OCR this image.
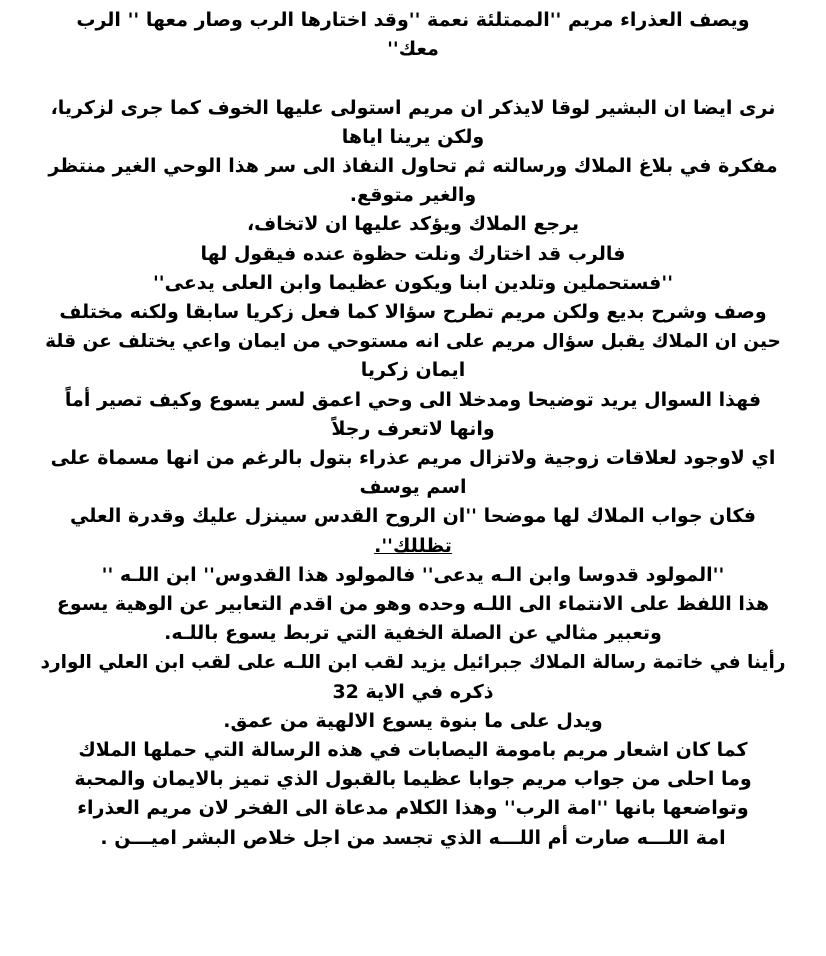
ويصف العذراء مريم ''الممتلئة نعمة ''وقد اختارها الرب وصار معها '' الرب
معك''
نرى ايضا ان البشير لوقا لايذكر ان مريم استولى عليها الخوف كما جرى لزكريا،
ولكن يرينا اياها
مفكرة في بلاغ الملاك ورسالته ثم تحاول النفاذ الى سر هذا الوحي الغير منتظر
والغير متوقع.
يرجع الملاك ويؤكد عليها ان لاتخاف،
فالرب قد اختارك ونلت حظوة عنده فيقول لها
''فستحملين وتلدين ابنا ويكون عظيما وابن العلى يدعى''
وصف وشرح بديع ولكن مريم تطرح سؤالا كما فعل زكريا سابقا ولكنه مختلف
حين ان الملاك يقبل سؤال مريم على انه مستوحي من ايمان واعي يختلف عن قلة
ايمان زكريا
فهذا السوال يريد توضيحا ومدخلا الى وحي اعمق لسر يسوع وكيف تصير أماً
وانها لاتعرف رجلاً
اي لاوجود لعلاقات زوجية ولاتزال مريم عذراء بتول بالرغم من انها مسماة على
اسم يوسف
فكان جواب الملاك لها موضحا ''ان الروح القدس سينزل عليك وقدرة العلي
تظللك''.
''المولود قدوسا وابن الـه يدعى'' فالمولود هذا القدوس'' ابن اللـه ''
هذا اللفظ على الانتماء الى اللـه وحده وهو من اقدم التعابير عن الوهية يسوع
وتعبير مثالي عن الصلة الخفية التي تربط يسوع باللـه.
رأينا في خاتمة رسالة الملاك جبرائيل يزيد لقب ابن اللـه على لقب ابن العلي الوارد
ذكره في الاية 32
ويدل على ما بنوة يسوع الالهية من عمق.
كما كان اشعار مريم بامومة اليصابات في هذه الرسالة التي حملها الملاك
وما احلى من جواب مريم جوابا عظيما بالقبول الذي تميز بالايمان والمحبة
وتواضعها بانها ''امة الرب'' وهذا الكلام مدعاة الى الفخر لان مريم العذراء
امة اللـــه صارت أم اللـــه الذي تجسد من اجل خلاص البشر اميـــن .
